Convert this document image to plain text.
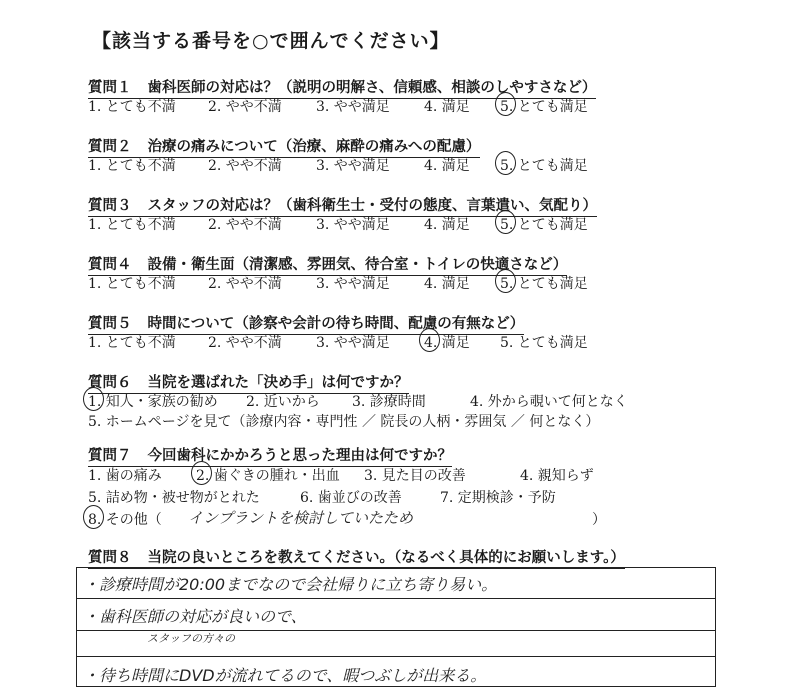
【該当する番号を○で囲んでください】
質問１ 歯科医師の対応は？（説明の明解さ、信頼感、相談のしやすさなど）
1. とても不満 2. やや不満 3. やや満足 4. 満足 5. とても満足
質問２ 治療の痛みについて（治療、麻酔の痛みへの配慮）
1. とても不満 2. やや不満 3. やや満足 4. 満足 5. とても満足
質問３ スタッフの対応は？（歯科衛生士・受付の態度、言葉遣い、気配り）
1. とても不満 2. やや不満 3. やや満足 4. 満足 5. とても満足
質問４ 設備・衛生面（清潔感、雰囲気、待合室・トイレの快適さなど）
1. とても不満 2. やや不満 3. やや満足 4. 満足 5. とても満足
質問５ 時間について（診察や会計の待ち時間、配慮の有無など）
1. とても不満 2. やや不満 3. やや満足 4. 満足 5. とても満足
質問６ 当院を選ばれた「決め手」は何ですか？
1. 知人・家族の勧め 2. 近いから 3. 診療時間	4. 外から覗いて何となく
5. ホームページを見て（診療内容・専門性 ／ 院長の人柄・雰囲気 ／ 何となく）
質問７ 今回歯科にかかろうと思った理由は何ですか？
1. 歯の痛み 2. 歯ぐきの腫れ・出血 3. 見た目の改善	4. 親知らず
5. 詰め物・被せ物がとれた	6. 歯並びの改善	7. 定期検診・予防
8. その他（ インプラントを検討していたため	）
質問８ 当院の良いところを教えてください。（なるべく具体的にお願いします。）
・診療時間が20:00までなので会社帰りに立ち寄り易い。
・歯科医師の対応が良いので、
スタッフの方々の
・待ち時間にDVDが流れてるので、暇つぶしが出来る。
